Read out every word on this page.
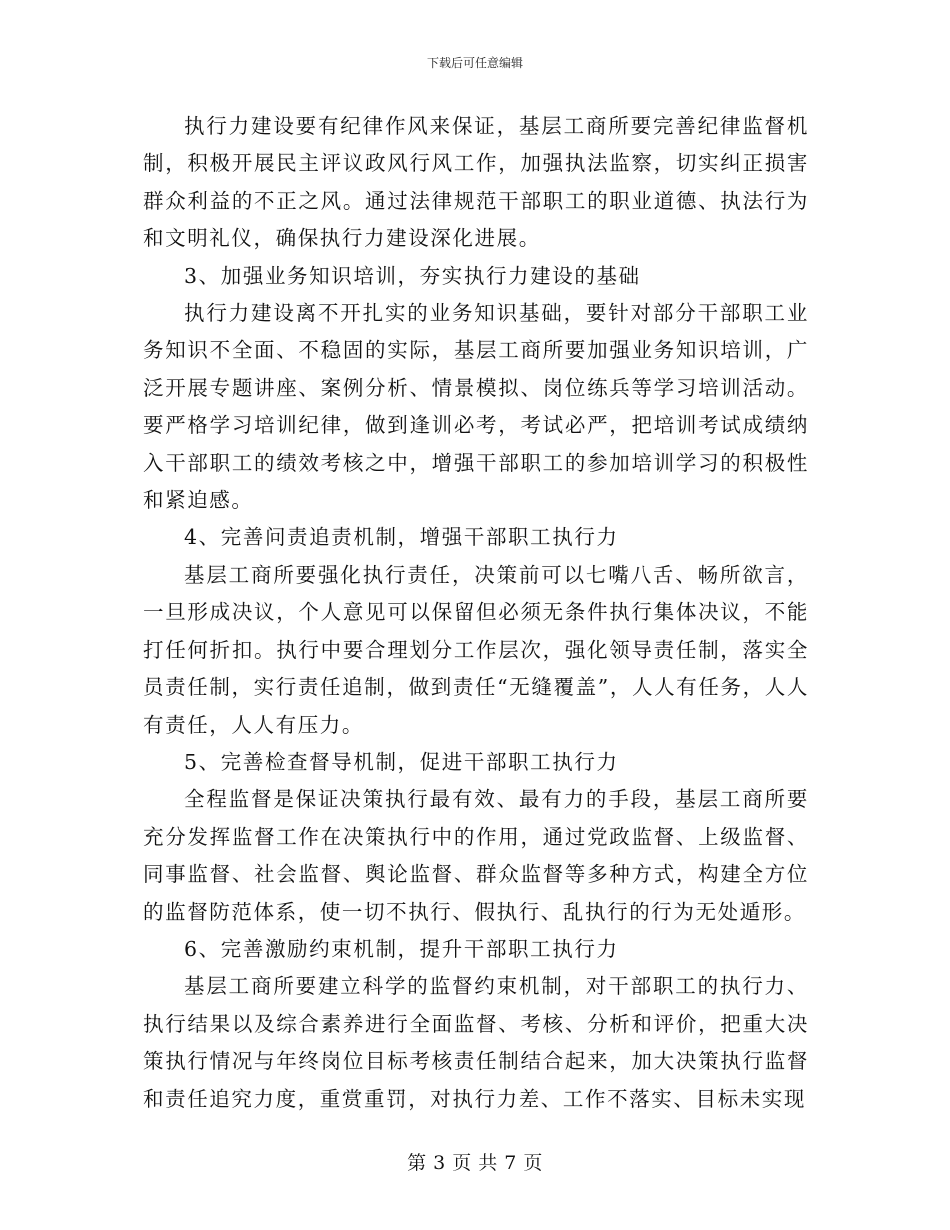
下载后可任意编辑

执行力建设要有纪律作风来保证，基层工商所要完善纪律监督机制，积极开展民主评议政风行风工作，加强执法监察，切实纠正损害群众利益的不正之风。通过法律规范干部职工的职业道德、执法行为和文明礼仪，确保执行力建设深化进展。

3、加强业务知识培训，夯实执行力建设的基础

执行力建设离不开扎实的业务知识基础，要针对部分干部职工业务知识不全面、不稳固的实际，基层工商所要加强业务知识培训，广泛开展专题讲座、案例分析、情景模拟、岗位练兵等学习培训活动。要严格学习培训纪律，做到逢训必考，考试必严，把培训考试成绩纳入干部职工的绩效考核之中，增强干部职工的参加培训学习的积极性和紧迫感。

4、完善问责追责机制，增强干部职工执行力

基层工商所要强化执行责任，决策前可以七嘴八舌、畅所欲言，一旦形成决议，个人意见可以保留但必须无条件执行集体决议，不能打任何折扣。执行中要合理划分工作层次，强化领导责任制，落实全员责任制，实行责任追制，做到责任“无缝覆盖”，人人有任务，人人有责任，人人有压力。

5、完善检查督导机制，促进干部职工执行力

全程监督是保证决策执行最有效、最有力的手段，基层工商所要充分发挥监督工作在决策执行中的作用，通过党政监督、上级监督、同事监督、社会监督、舆论监督、群众监督等多种方式，构建全方位的监督防范体系，使一切不执行、假执行、乱执行的行为无处遁形。

6、完善激励约束机制，提升干部职工执行力

基层工商所要建立科学的监督约束机制，对干部职工的执行力、执行结果以及综合素养进行全面监督、考核、分析和评价，把重大决策执行情况与年终岗位目标考核责任制结合起来，加大决策执行监督和责任追究力度，重赏重罚，对执行力差、工作不落实、目标未实现

第 3 页 共 7 页
